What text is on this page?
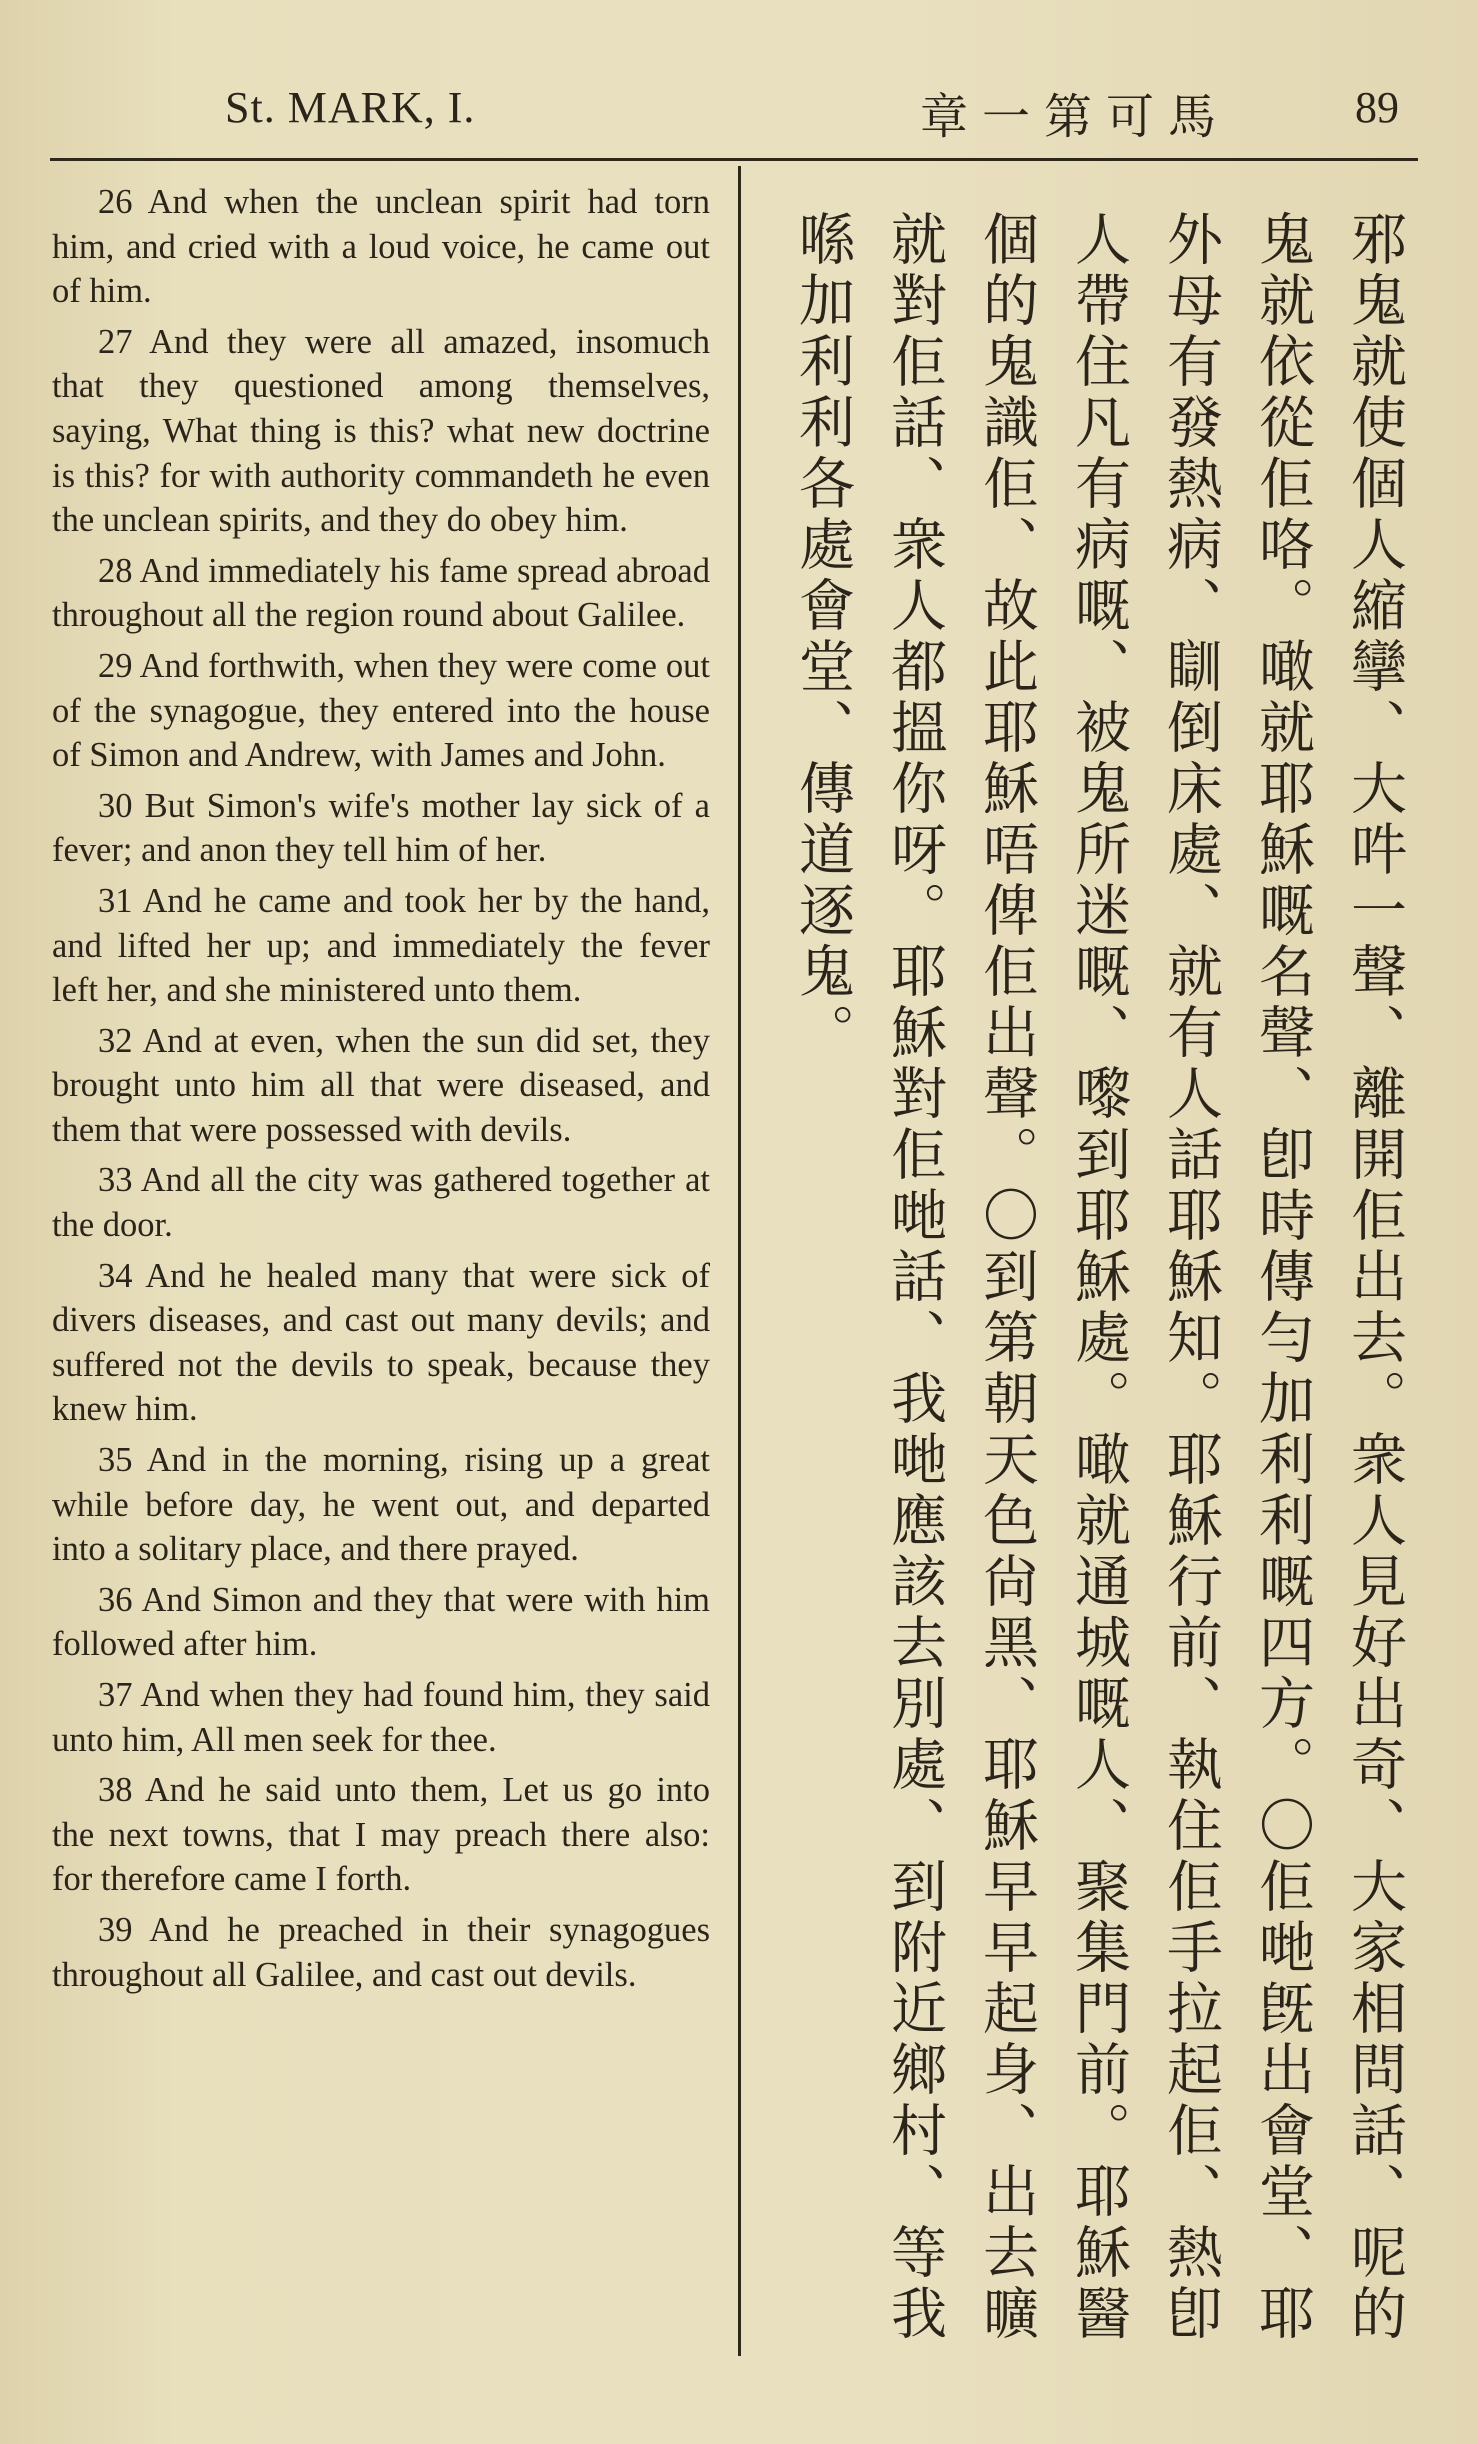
St. MARK, I.	章一第可馬	89

26 And when the unclean spirit had torn him, and cried with a loud voice, he came out of him.

27 And they were all amazed, insomuch that they questioned among themselves, saying, What thing is this? what new doctrine is this? for with authority commandeth he even the unclean spirits, and they do obey him.

28 And immediately his fame spread abroad throughout all the region round about Galilee.

29 And forthwith, when they were come out of the synagogue, they entered into the house of Simon and Andrew, with James and John.

30 But Simon's wife's mother lay sick of a fever; and anon they tell him of her.

31 And he came and took her by the hand, and lifted her up; and immediately the fever left her, and she ministered unto them.

32 And at even, when the sun did set, they brought unto him all that were diseased, and them that were possessed with devils.

33 And all the city was gathered together at the door.

34 And he healed many that were sick of divers diseases, and cast out many devils; and suffered not the devils to speak, because they knew him.

35 And in the morning, rising up a great while before day, he went out, and departed into a solitary place, and there prayed.

36 And Simon and they that were with him followed after him.

37 And when they had found him, they said unto him, All men seek for thee.

38 And he said unto them, Let us go into the next towns, that I may preach there also: for therefore came I forth.

39 And he preached in their synagogues throughout all Galilee, and cast out devils.

邪鬼就使個人縮攣、大吽一聲、離開佢出去。衆人見好出奇、大家相問話、呢的
鬼就依從佢咯。噉就耶穌嘅名聲、卽時傳勻加利利嘅四方。〇佢哋旣出會堂、耶
外母有發熱病、瞓倒床處、就有人話耶穌知。耶穌行前、執住佢手拉起佢、熱卽
人帶住凡有病嘅、被鬼所迷嘅、嚟到耶穌處。噉就通城嘅人、聚集門前。耶穌醫
個的鬼識佢、故此耶穌唔俾佢出聲。〇到第朝天色尙黑、耶穌早早起身、出去曠
就對佢話、衆人都搵你呀。耶穌對佢哋話、我哋應該去別處、到附近鄉村、等我
喺加利利各處會堂、傳道逐鬼。
